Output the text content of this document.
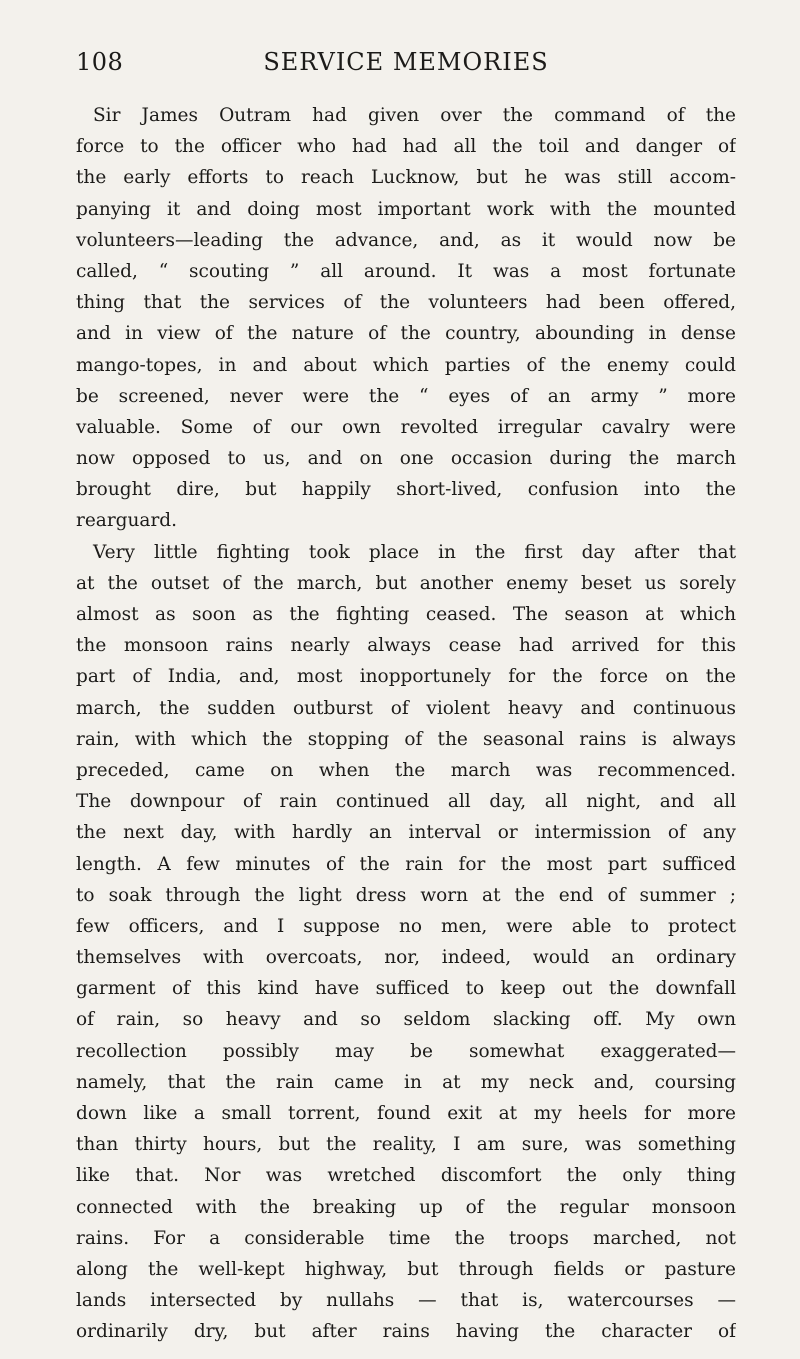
108	SERVICE MEMORIES
Sir James Outram had given over the command of the
force to the officer who had had all the toil and danger of
the early efforts to reach Lucknow, but he was still accom-
panying it and doing most important work with the mounted
volunteers—leading the advance, and, as it would now be
called, “ scouting ” all around. It was a most fortunate
thing that the services of the volunteers had been offered,
and in view of the nature of the country, abounding in dense
mango-topes, in and about which parties of the enemy could
be screened, never were the “ eyes of an army ” more
valuable. Some of our own revolted irregular cavalry were
now opposed to us, and on one occasion during the march
brought dire, but happily short-lived, confusion into the
rearguard.
Very little fighting took place in the first day after that
at the outset of the march, but another enemy beset us sorely
almost as soon as the fighting ceased. The season at which
the monsoon rains nearly always cease had arrived for this
part of India, and, most inopportunely for the force on the
march, the sudden outburst of violent heavy and continuous
rain, with which the stopping of the seasonal rains is always
preceded, came on when the march was recommenced.
The downpour of rain continued all day, all night, and all
the next day, with hardly an interval or intermission of any
length. A few minutes of the rain for the most part sufficed
to soak through the light dress worn at the end of summer ;
few officers, and I suppose no men, were able to protect
themselves with overcoats, nor, indeed, would an ordinary
garment of this kind have sufficed to keep out the downfall
of rain, so heavy and so seldom slacking off. My own
recollection possibly may be somewhat exaggerated—
namely, that the rain came in at my neck and, coursing
down like a small torrent, found exit at my heels for more
than thirty hours, but the reality, I am sure, was something
like that. Nor was wretched discomfort the only thing
connected with the breaking up of the regular monsoon
rains. For a considerable time the troops marched, not
along the well-kept highway, but through fields or pasture
lands intersected by nullahs — that is, watercourses —
ordinarily dry, but after rains having the character of
